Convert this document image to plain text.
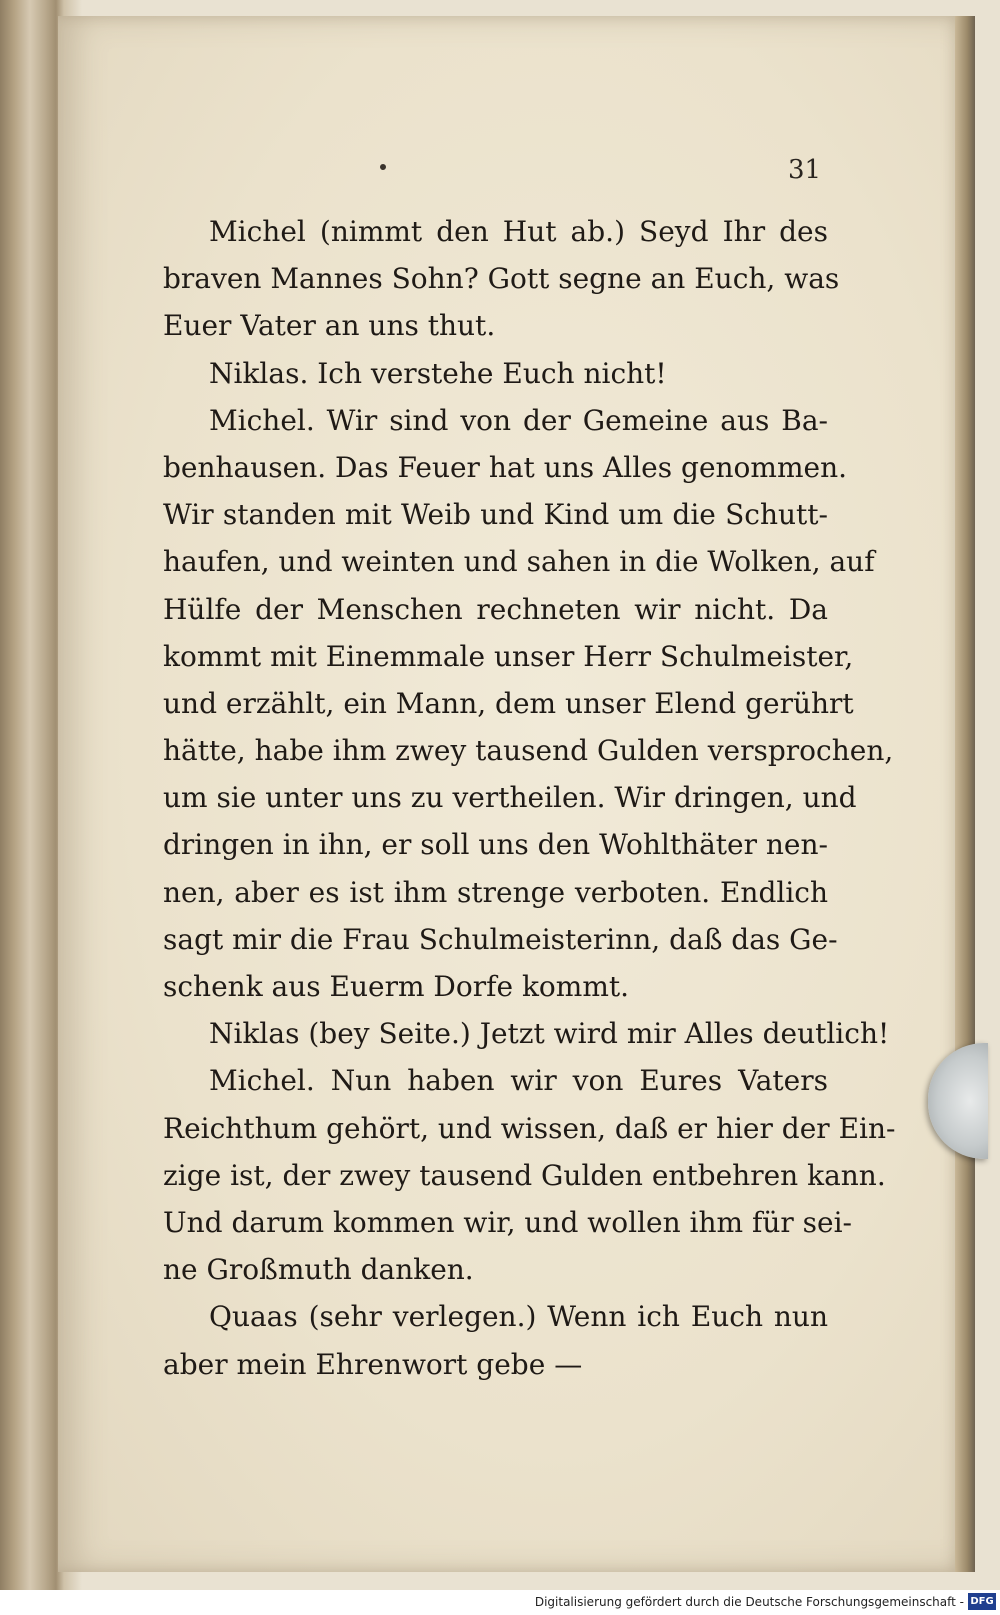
31
Michel (nimmt den Hut ab.) Seyd Ihr des
braven Mannes Sohn? Gott segne an Euch, was
Euer Vater an uns thut.
Niklas. Ich verstehe Euch nicht!
Michel. Wir sind von der Gemeine aus Ba-
benhausen. Das Feuer hat uns Alles genommen.
Wir standen mit Weib und Kind um die Schutt-
haufen, und weinten und sahen in die Wolken, auf
Hülfe der Menschen rechneten wir nicht. Da
kommt mit Einemmale unser Herr Schulmeister,
und erzählt, ein Mann, dem unser Elend gerührt
hätte, habe ihm zwey tausend Gulden versprochen,
um sie unter uns zu vertheilen. Wir dringen, und
dringen in ihn, er soll uns den Wohlthäter nen-
nen, aber es ist ihm strenge verboten. Endlich
sagt mir die Frau Schulmeisterinn, daß das Ge-
schenk aus Euerm Dorfe kommt.
Niklas (bey Seite.) Jetzt wird mir Alles deutlich!
Michel. Nun haben wir von Eures Vaters
Reichthum gehört, und wissen, daß er hier der Ein-
zige ist, der zwey tausend Gulden entbehren kann.
Und darum kommen wir, und wollen ihm für sei-
ne Großmuth danken.
Quaas (sehr verlegen.) Wenn ich Euch nun
aber mein Ehrenwort gebe —
Digitalisierung gefördert durch die Deutsche Forschungsgemeinschaft - DFG
